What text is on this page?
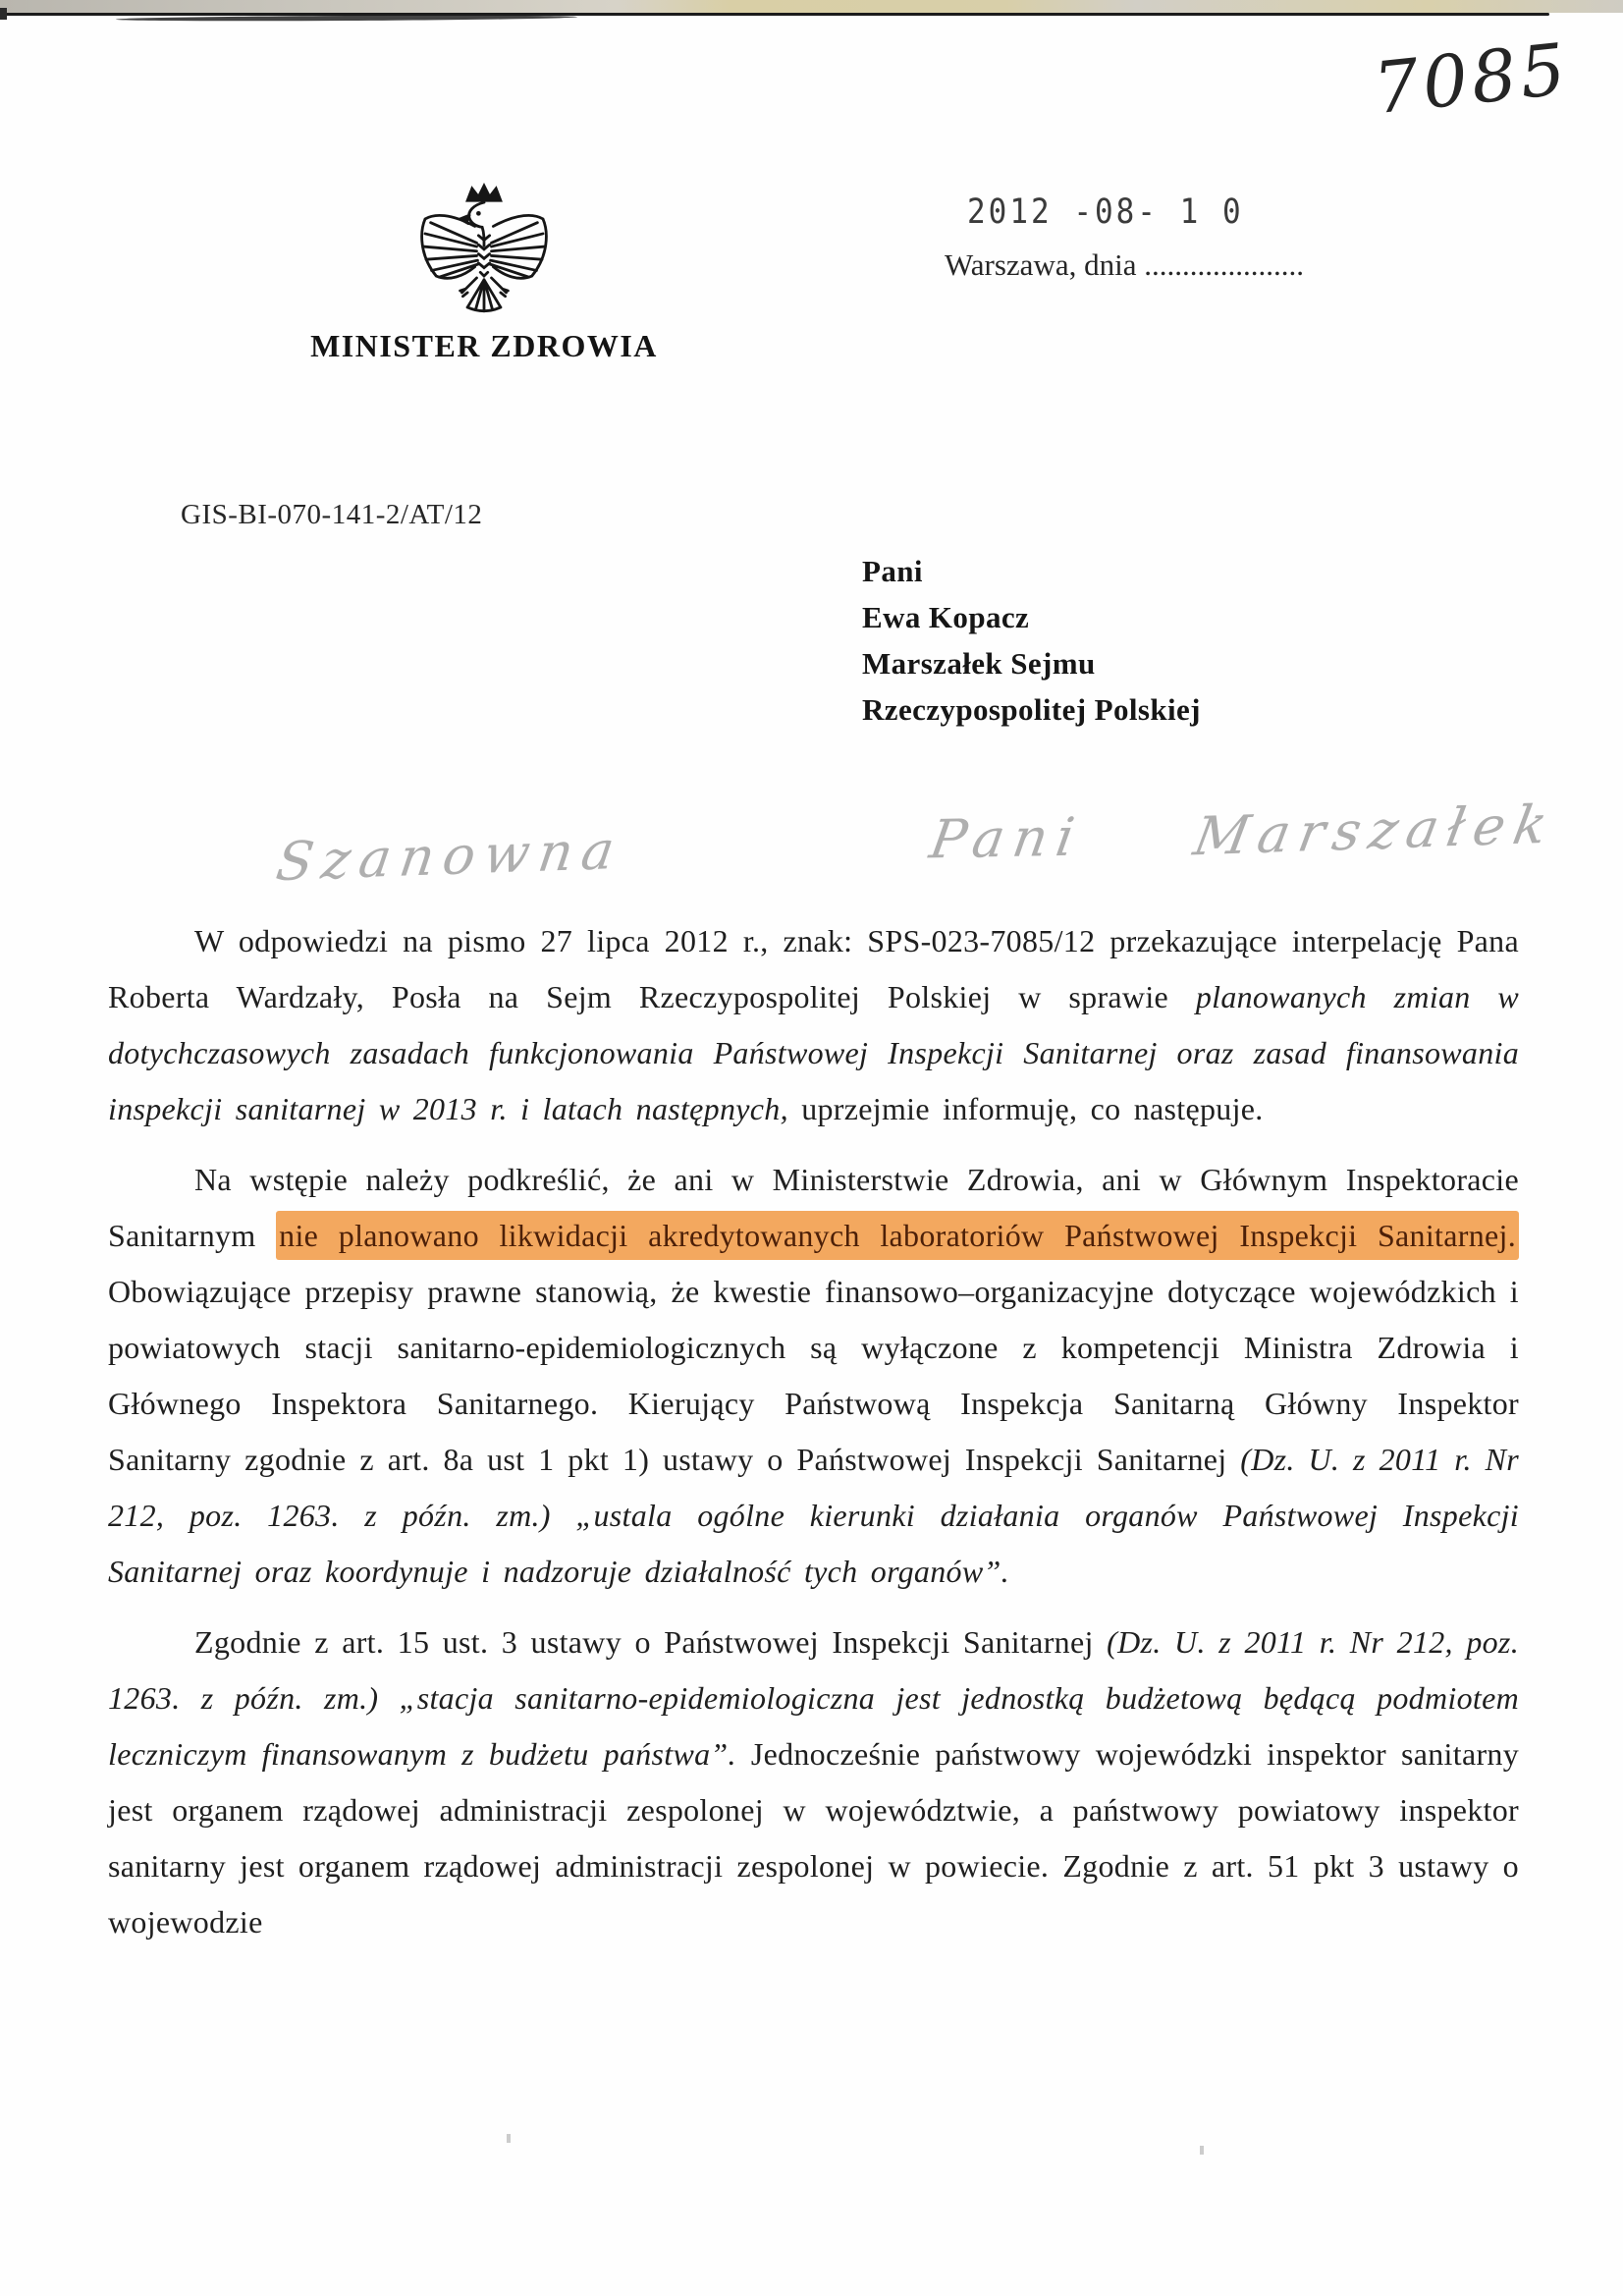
7085
2012 -08- 1 0
Warszawa, dnia .....................
MINISTER ZDROWIA
GIS-BI-070-141-2/AT/12
Pani
Ewa Kopacz
Marszałek Sejmu
Rzeczypospolitej Polskiej
Szanowna	Pani Marszałek

W odpowiedzi na pismo 27 lipca 2012 r., znak: SPS-023-7085/12 przekazujące interpelację Pana Roberta Wardzały, Posła na Sejm Rzeczypospolitej Polskiej w sprawie planowanych zmian w dotychczasowych zasadach funkcjonowania Państwowej Inspekcji Sanitarnej oraz zasad finansowania inspekcji sanitarnej w 2013 r. i latach następnych, uprzejmie informuję, co następuje.

Na wstępie należy podkreślić, że ani w Ministerstwie Zdrowia, ani w Głównym Inspektoracie Sanitarnym nie planowano likwidacji akredytowanych laboratoriów Państwowej Inspekcji Sanitarnej. Obowiązujące przepisy prawne stanowią, że kwestie finansowo–organizacyjne dotyczące wojewódzkich i powiatowych stacji sanitarno-epidemiologicznych są wyłączone z kompetencji Ministra Zdrowia i Głównego Inspektora Sanitarnego. Kierujący Państwową Inspekcja Sanitarną Główny Inspektor Sanitarny zgodnie z art. 8a ust 1 pkt 1) ustawy o Państwowej Inspekcji Sanitarnej (Dz. U. z 2011 r. Nr 212, poz. 1263. z późn. zm.) „ustala ogólne kierunki działania organów Państwowej Inspekcji Sanitarnej oraz koordynuje i nadzoruje działalność tych organów”.

Zgodnie z art. 15 ust. 3 ustawy o Państwowej Inspekcji Sanitarnej (Dz. U. z 2011 r. Nr 212, poz. 1263. z późn. zm.) „stacja sanitarno-epidemiologiczna jest jednostką budżetową będącą podmiotem leczniczym finansowanym z budżetu państwa”. Jednocześnie państwowy wojewódzki inspektor sanitarny jest organem rządowej administracji zespolonej w województwie, a państwowy powiatowy inspektor sanitarny jest organem rządowej administracji zespolonej w powiecie. Zgodnie z art. 51 pkt 3 ustawy o wojewodzie
